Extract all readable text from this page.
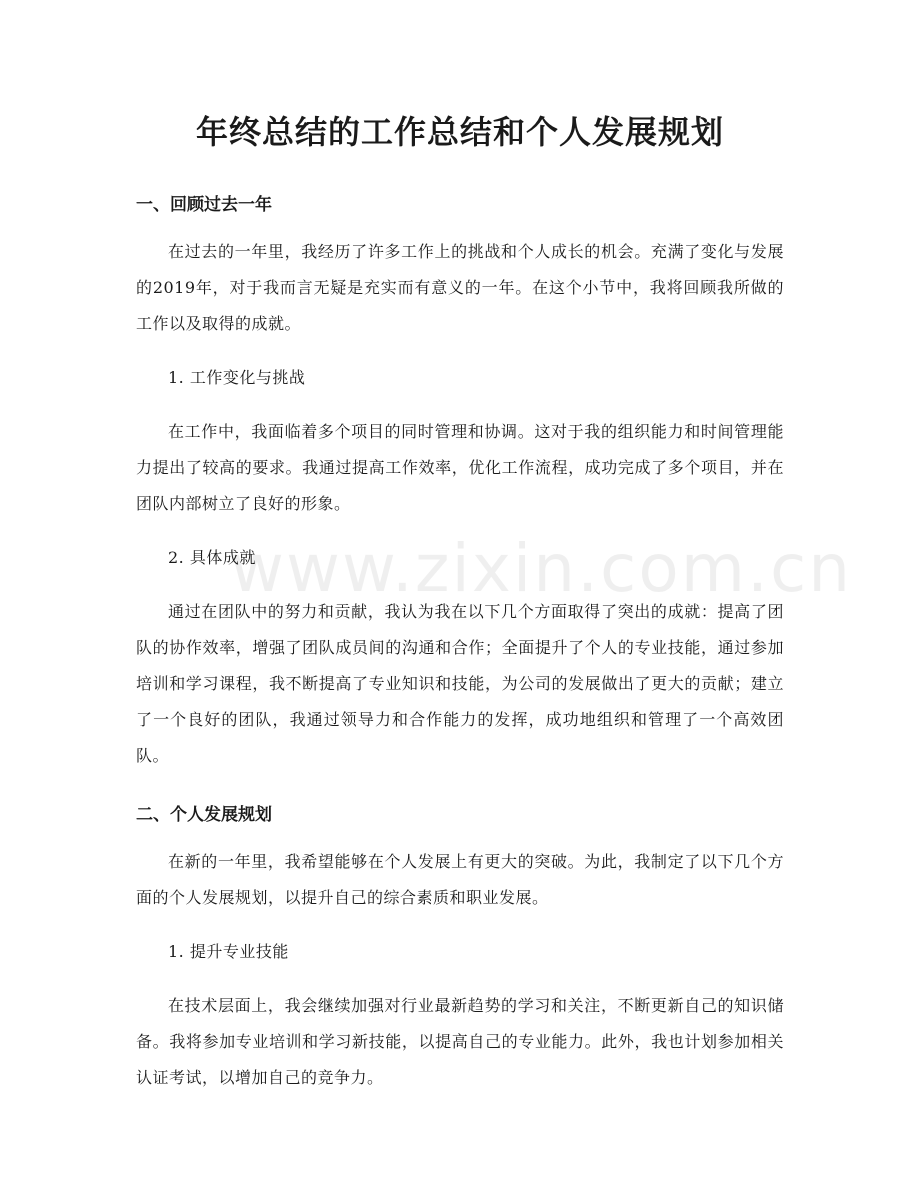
年终总结的工作总结和个人发展规划
一、回顾过去一年

在过去的一年里，我经历了许多工作上的挑战和个人成长的机会。充满了变化与发展的2019年，对于我而言无疑是充实而有意义的一年。在这个小节中，我将回顾我所做的工作以及取得的成就。

1. 工作变化与挑战

在工作中，我面临着多个项目的同时管理和协调。这对于我的组织能力和时间管理能力提出了较高的要求。我通过提高工作效率，优化工作流程，成功完成了多个项目，并在团队内部树立了良好的形象。

2. 具体成就

通过在团队中的努力和贡献，我认为我在以下几个方面取得了突出的成就：提高了团队的协作效率，增强了团队成员间的沟通和合作；全面提升了个人的专业技能，通过参加培训和学习课程，我不断提高了专业知识和技能，为公司的发展做出了更大的贡献；建立了一个良好的团队，我通过领导力和合作能力的发挥，成功地组织和管理了一个高效团队。

二、个人发展规划

在新的一年里，我希望能够在个人发展上有更大的突破。为此，我制定了以下几个方面的个人发展规划，以提升自己的综合素质和职业发展。

1. 提升专业技能

在技术层面上，我会继续加强对行业最新趋势的学习和关注，不断更新自己的知识储备。我将参加专业培训和学习新技能，以提高自己的专业能力。此外，我也计划参加相关认证考试，以增加自己的竞争力。

www.zixin.com.cn
